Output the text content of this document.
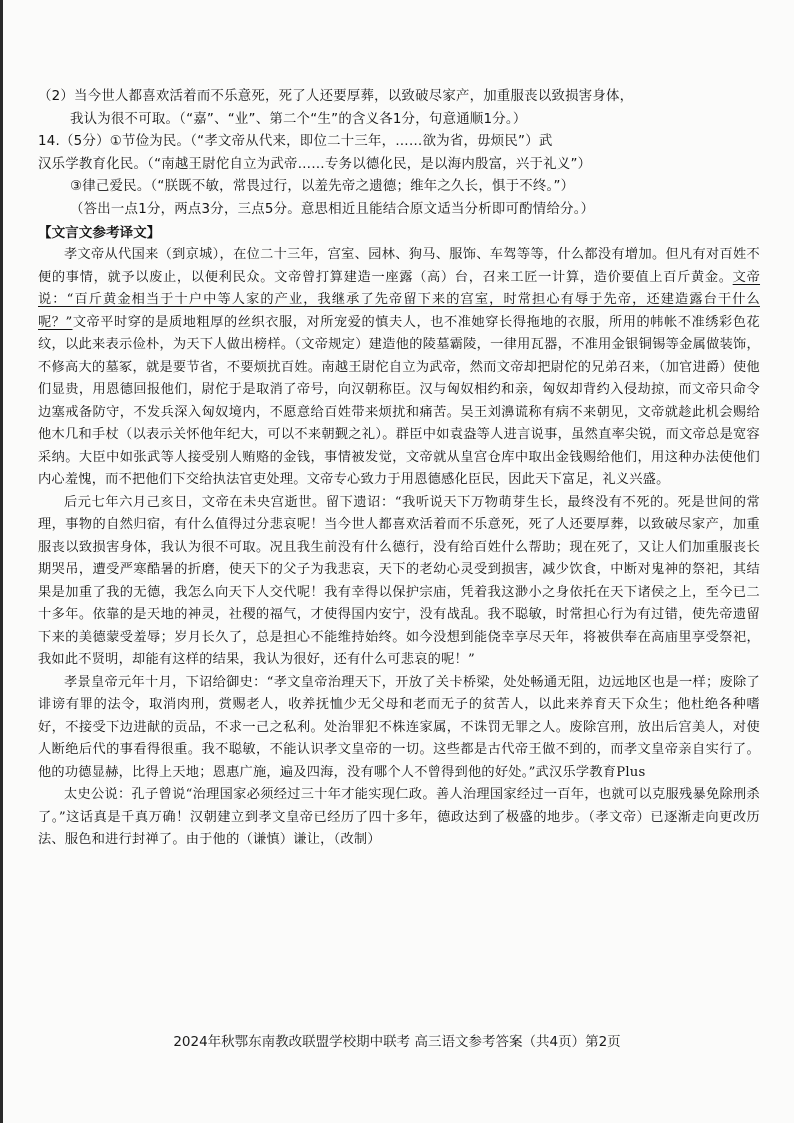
（2）当今世人都喜欢活着而不乐意死，死了人还要厚葬，以致破尽家产，加重服丧以致损害身体，

我认为很不可取。（“嘉”、“业”、第二个“生”的含义各1分，句意通顺1分。）

14.（5分）①节俭为民。（“孝文帝从代来，即位二十三年，……欲为省，毋烦民”）武

汉乐学教育化民。（“南越王尉佗自立为武帝……专务以德化民，是以海内殷富，兴于礼义”）

③律己爱民。（“朕既不敏，常畏过行，以羞先帝之遗德；维年之久长，惧于不终。”）

（答出一点1分，两点3分，三点5分。意思相近且能结合原文适当分析即可酌情给分。）

【文言文参考译文】

孝文帝从代国来（到京城），在位二十三年，宫室、园林、狗马、服饰、车驾等等，什么都没有增加。但凡有对百姓不便的事情，就予以废止，以便利民众。文帝曾打算建造一座露（高）台，召来工匠一计算，造价要值上百斤黄金。文帝说：“百斤黄金相当于十户中等人家的产业，我继承了先帝留下来的宫室，时常担心有辱于先帝，还建造露台干什么呢？”文帝平时穿的是质地粗厚的丝织衣服，对所宠爱的慎夫人，也不准她穿长得拖地的衣服，所用的帏帐不准绣彩色花纹，以此来表示俭朴，为天下人做出榜样。（文帝规定）建造他的陵墓霸陵，一律用瓦器，不准用金银铜锡等金属做装饰，不修高大的墓冢，就是要节省，不要烦扰百姓。南越王尉佗自立为武帝，然而文帝却把尉佗的兄弟召来，（加官进爵）使他们显贵，用恩德回报他们，尉佗于是取消了帝号，向汉朝称臣。汉与匈奴相约和亲，匈奴却背约入侵劫掠，而文帝只命令边塞戒备防守，不发兵深入匈奴境内，不愿意给百姓带来烦扰和痛苦。吴王刘濞谎称有病不来朝见，文帝就趁此机会赐给他木几和手杖（以表示关怀他年纪大，可以不来朝觐之礼）。群臣中如袁盎等人进言说事，虽然直率尖锐，而文帝总是宽容采纳。大臣中如张武等人接受别人贿赂的金钱，事情被发觉，文帝就从皇宫仓库中取出金钱赐给他们，用这种办法使他们内心羞愧，而不把他们下交给执法官吏处理。文帝专心致力于用恩德感化臣民，因此天下富足，礼义兴盛。

后元七年六月己亥日，文帝在未央宫逝世。留下遗诏：“我听说天下万物萌芽生长，最终没有不死的。死是世间的常理，事物的自然归宿，有什么值得过分悲哀呢！当今世人都喜欢活着而不乐意死，死了人还要厚葬，以致破尽家产，加重服丧以致损害身体，我认为很不可取。况且我生前没有什么德行，没有给百姓什么帮助；现在死了，又让人们加重服丧长期哭吊，遭受严寒酷暑的折磨，使天下的父子为我悲哀，天下的老幼心灵受到损害，减少饮食，中断对鬼神的祭祀，其结果是加重了我的无德，我怎么向天下人交代呢！我有幸得以保护宗庙，凭着我这渺小之身依托在天下诸侯之上，至今已二十多年。依靠的是天地的神灵，社稷的福气，才使得国内安宁，没有战乱。我不聪敏，时常担心行为有过错，使先帝遗留下来的美德蒙受羞辱；岁月长久了，总是担心不能维持始终。如今没想到能侥幸享尽天年，将被供奉在高庙里享受祭祀，我如此不贤明，却能有这样的结果，我认为很好，还有什么可悲哀的呢！”

孝景皇帝元年十月，下诏给御史：“孝文皇帝治理天下，开放了关卡桥梁，处处畅通无阻，边远地区也是一样；废除了诽谤有罪的法令，取消肉刑，赏赐老人，收养抚恤少无父母和老而无子的贫苦人，以此来养育天下众生；他杜绝各种嗜好，不接受下边进献的贡品，不求一己之私利。处治罪犯不株连家属，不诛罚无罪之人。废除宫刑，放出后宫美人，对使人断绝后代的事看得很重。我不聪敏，不能认识孝文皇帝的一切。这些都是古代帝王做不到的，而孝文皇帝亲自实行了。他的功德显赫，比得上天地；恩惠广施，遍及四海，没有哪个人不曾得到他的好处。”武汉乐学教育Plus

太史公说：孔子曾说“治理国家必须经过三十年才能实现仁政。善人治理国家经过一百年，也就可以克服残暴免除刑杀了。”这话真是千真万确！汉朝建立到孝文皇帝已经历了四十多年，德政达到了极盛的地步。（孝文帝）已逐渐走向更改历法、服色和进行封禅了。由于他的（谦慎）谦让，（改制）

2024年秋鄂东南教改联盟学校期中联考 高三语文参考答案（共4页）第2页
